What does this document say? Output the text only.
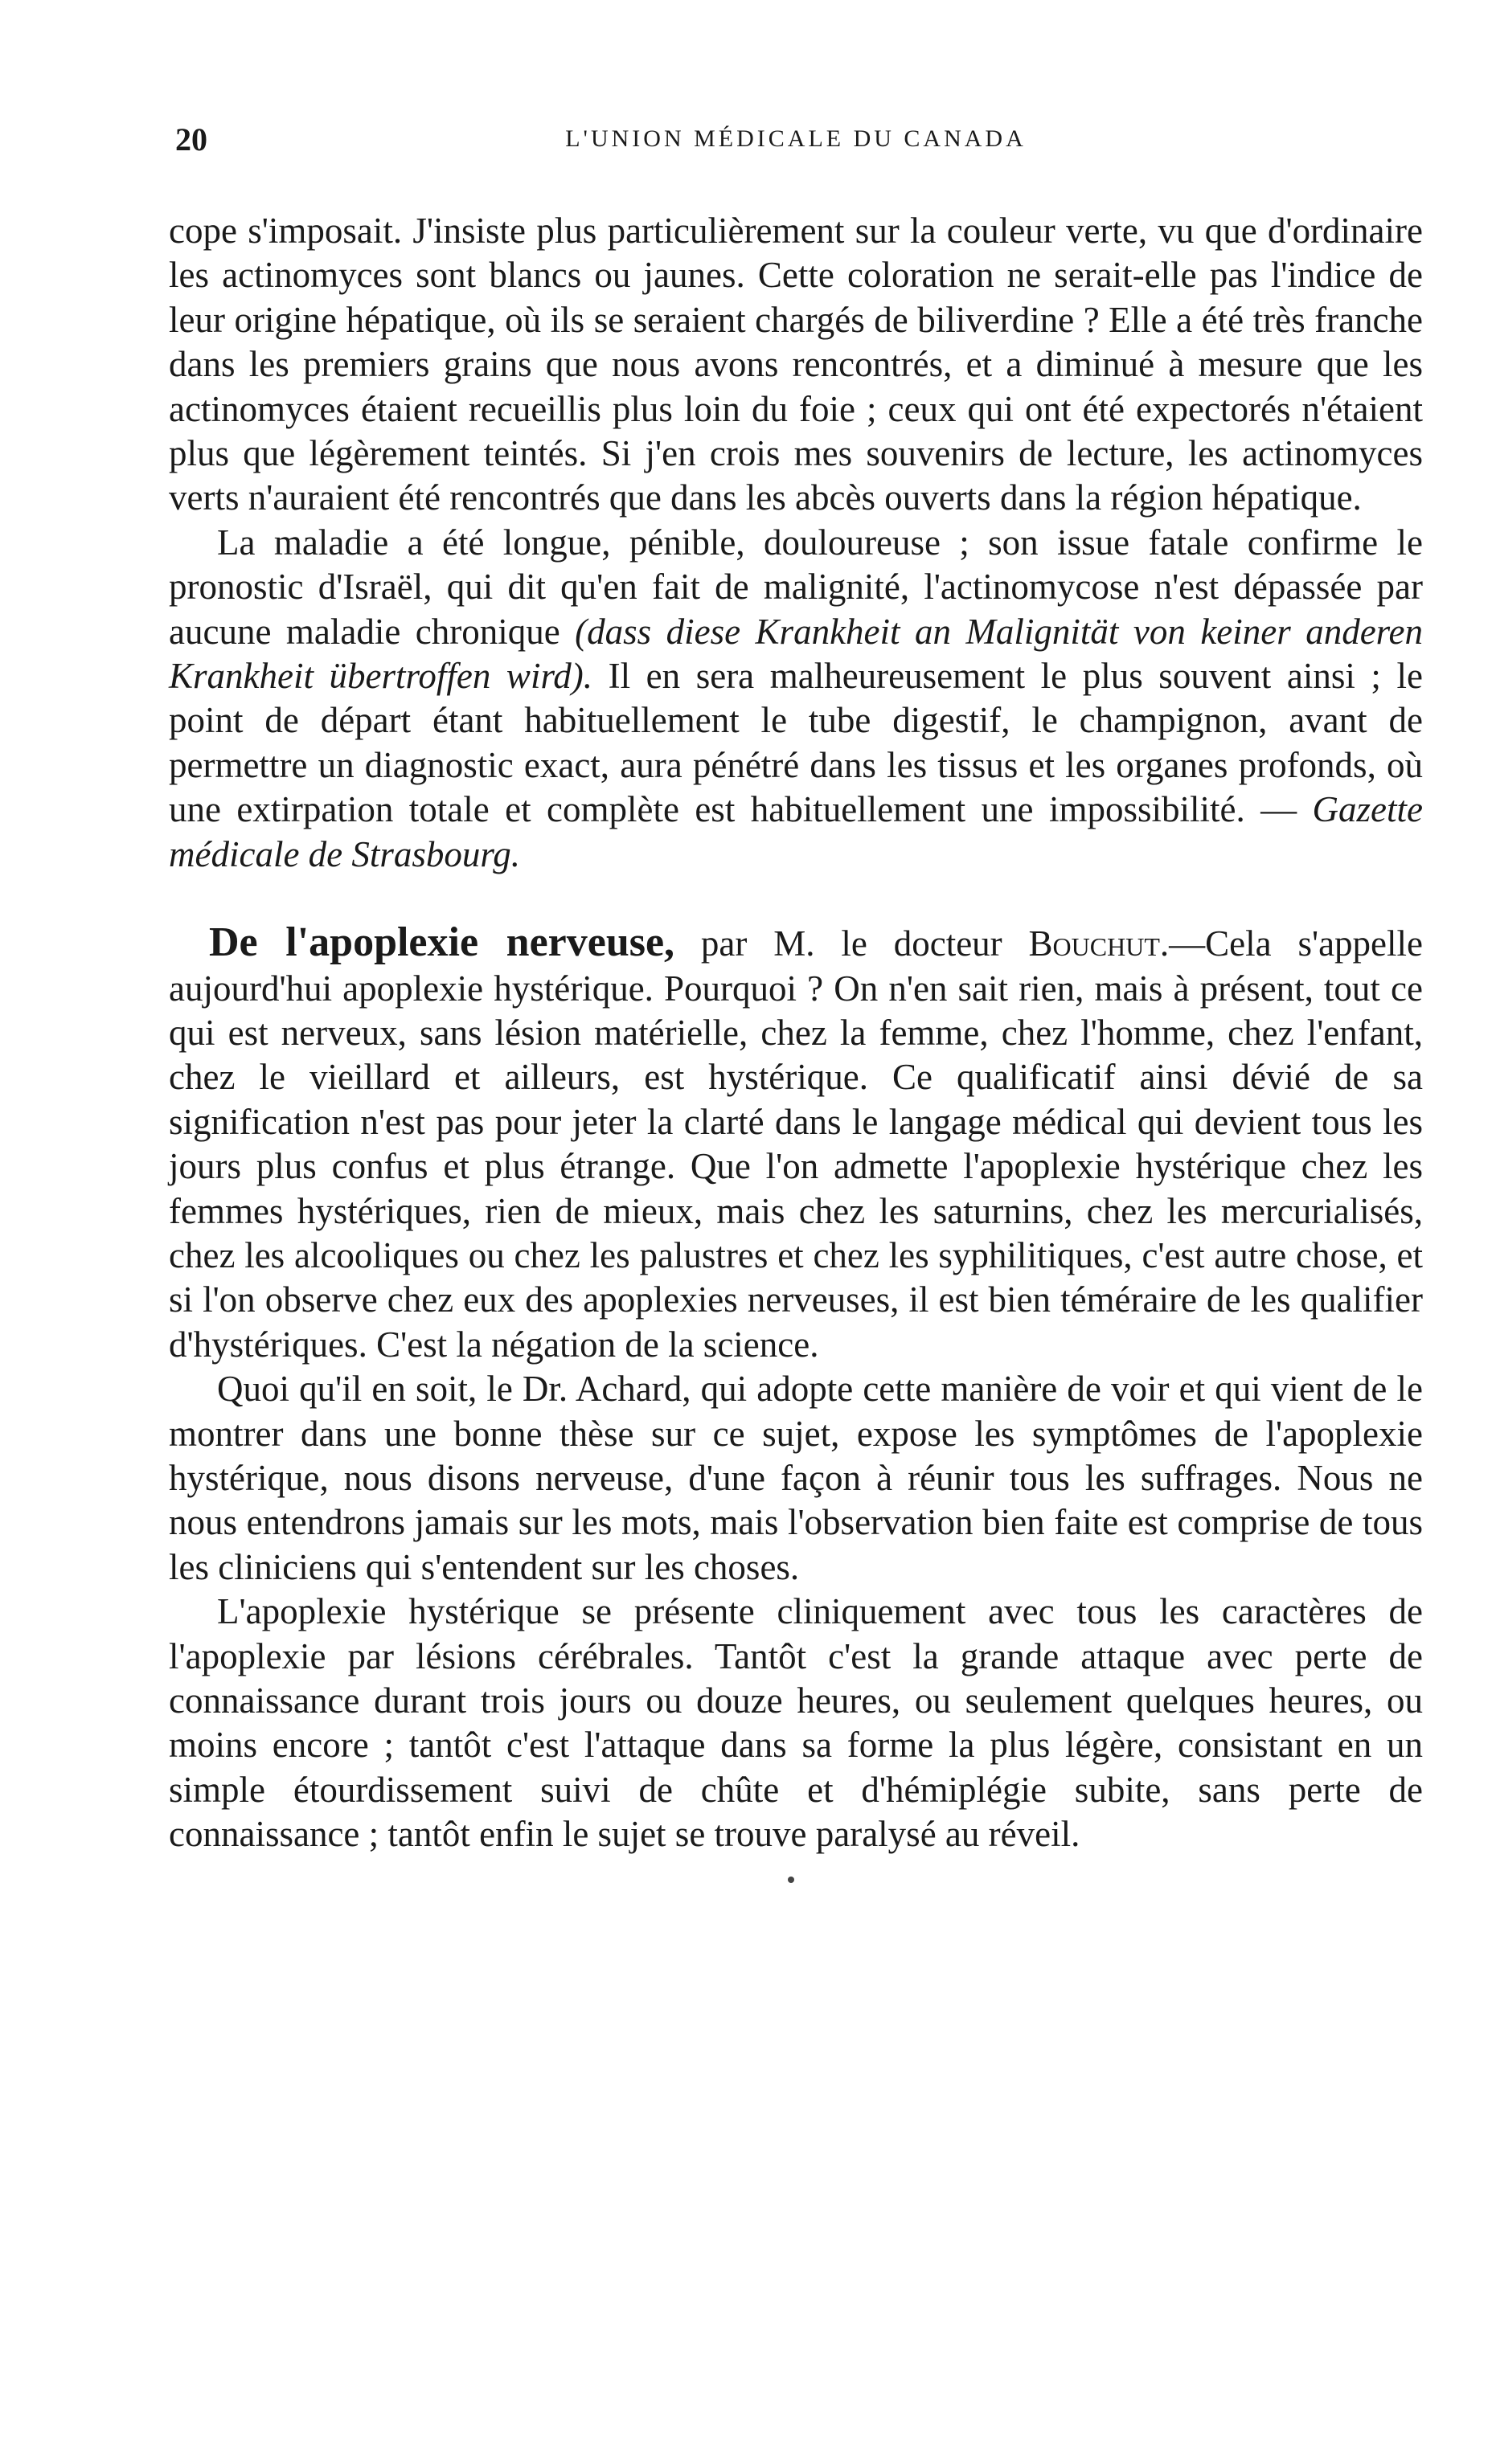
20	L'UNION MÉDICALE DU CANADA

cope s'imposait. J'insiste plus particulièrement sur la couleur verte, vu que d'ordinaire les actinomyces sont blancs ou jaunes. Cette coloration ne serait-elle pas l'indice de leur origine hépatique, où ils se seraient chargés de biliverdine ? Elle a été très franche dans les premiers grains que nous avons rencontrés, et a diminué à mesure que les actinomyces étaient recueillis plus loin du foie ; ceux qui ont été expectorés n'étaient plus que légèrement teintés. Si j'en crois mes souvenirs de lecture, les actinomyces verts n'auraient été rencontrés que dans les abcès ouverts dans la région hépatique.

La maladie a été longue, pénible, douloureuse ; son issue fatale confirme le pronostic d'Israël, qui dit qu'en fait de malignité, l'actinomycose n'est dépassée par aucune maladie chronique (dass diese Krankheit an Malignität von keiner anderen Krankheit übertroffen wird). Il en sera malheureusement le plus souvent ainsi ; le point de départ étant habituellement le tube digestif, le champignon, avant de permettre un diagnostic exact, aura pénétré dans les tissus et les organes profonds, où une extirpation totale et complète est habituellement une impossibilité. — Gazette médicale de Strasbourg.

De l'apoplexie nerveuse, par M. le docteur Bouchut.—Cela s'appelle aujourd'hui apoplexie hystérique. Pourquoi ? On n'en sait rien, mais à présent, tout ce qui est nerveux, sans lésion matérielle, chez la femme, chez l'homme, chez l'enfant, chez le vieillard et ailleurs, est hystérique. Ce qualificatif ainsi dévié de sa signification n'est pas pour jeter la clarté dans le langage médical qui devient tous les jours plus confus et plus étrange. Que l'on admette l'apoplexie hystérique chez les femmes hystériques, rien de mieux, mais chez les saturnins, chez les mercurialisés, chez les alcooliques ou chez les palustres et chez les syphilitiques, c'est autre chose, et si l'on observe chez eux des apoplexies nerveuses, il est bien téméraire de les qualifier d'hystériques. C'est la négation de la science.

Quoi qu'il en soit, le Dr. Achard, qui adopte cette manière de voir et qui vient de le montrer dans une bonne thèse sur ce sujet, expose les symptômes de l'apoplexie hystérique, nous disons nerveuse, d'une façon à réunir tous les suffrages. Nous ne nous entendrons jamais sur les mots, mais l'observation bien faite est comprise de tous les cliniciens qui s'entendent sur les choses.

L'apoplexie hystérique se présente cliniquement avec tous les caractères de l'apoplexie par lésions cérébrales. Tantôt c'est la grande attaque avec perte de connaissance durant trois jours ou douze heures, ou seulement quelques heures, ou moins encore ; tantôt c'est l'attaque dans sa forme la plus légère, consistant en un simple étourdissement suivi de chûte et d'hémiplégie subite, sans perte de connaissance ; tantôt enfin le sujet se trouve paralysé au réveil.
